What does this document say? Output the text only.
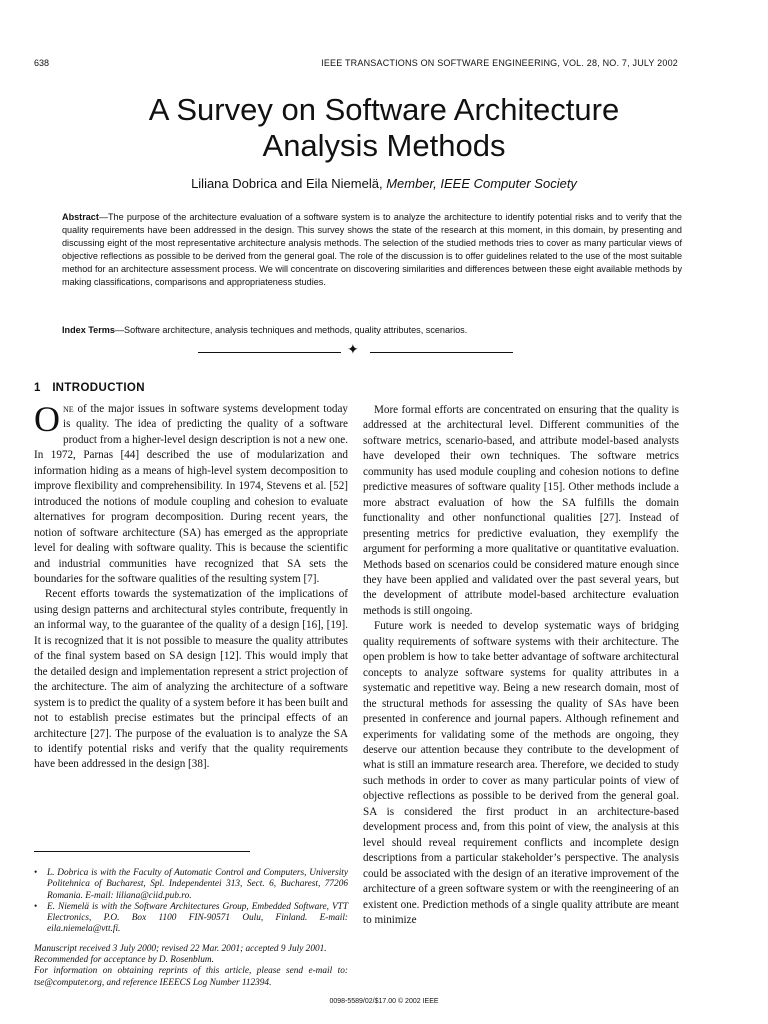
638	IEEE TRANSACTIONS ON SOFTWARE ENGINEERING, VOL. 28, NO. 7, JULY 2002
A Survey on Software Architecture
Analysis Methods
Liliana Dobrica and Eila Niemelä, Member, IEEE Computer Society
Abstract—The purpose of the architecture evaluation of a software system is to analyze the architecture to identify potential risks and to verify that the quality requirements have been addressed in the design. This survey shows the state of the research at this moment, in this domain, by presenting and discussing eight of the most representative architecture analysis methods. The selection of the studied methods tries to cover as many particular views of objective reflections as possible to be derived from the general goal. The role of the discussion is to offer guidelines related to the use of the most suitable method for an architecture assessment process. We will concentrate on discovering similarities and differences between these eight available methods by making classifications, comparisons and appropriateness studies.
Index Terms—Software architecture, analysis techniques and methods, quality attributes, scenarios.
✦
1 INTRODUCTION

One of the major issues in software systems development today is quality. The idea of predicting the quality of a software product from a higher-level design description is not a new one. In 1972, Parnas [44] described the use of modularization and information hiding as a means of high-level system decomposition to improve flexibility and comprehensibility. In 1974, Stevens et al. [52] introduced the notions of module coupling and cohesion to evaluate alternatives for program decomposition. During recent years, the notion of software architecture (SA) has emerged as the appropriate level for dealing with software quality. This is because the scientific and industrial communities have recognized that SA sets the boundaries for the software qualities of the resulting system [7].

Recent efforts towards the systematization of the implications of using design patterns and architectural styles contribute, frequently in an informal way, to the guarantee of the quality of a design [16], [19]. It is recognized that it is not possible to measure the quality attributes of the final system based on SA design [12]. This would imply that the detailed design and implementation represent a strict projection of the architecture. The aim of analyzing the architecture of a software system is to predict the quality of a system before it has been built and not to establish precise estimates but the principal effects of an architecture [27]. The purpose of the evaluation is to analyze the SA to identify potential risks and verify that the quality requirements have been addressed in the design [38].

More formal efforts are concentrated on ensuring that the quality is addressed at the architectural level. Different communities of the software metrics, scenario-based, and attribute model-based analysts have developed their own techniques. The software metrics community has used module coupling and cohesion notions to define predictive measures of software quality [15]. Other methods include a more abstract evaluation of how the SA fulfills the domain functionality and other nonfunctional qualities [27]. Instead of presenting metrics for predictive evaluation, they exemplify the argument for performing a more qualitative or quantitative evaluation. Methods based on scenarios could be considered mature enough since they have been applied and validated over the past several years, but the development of attribute model-based architecture evaluation methods is still ongoing.

Future work is needed to develop systematic ways of bridging quality requirements of software systems with their architecture. The open problem is how to take better advantage of software architectural concepts to analyze software systems for quality attributes in a systematic and repetitive way. Being a new research domain, most of the structural methods for assessing the quality of SAs have been presented in conference and journal papers. Although refinement and experiments for validating some of the methods are ongoing, they deserve our attention because they contribute to the development of what is still an immature research area. Therefore, we decided to study such methods in order to cover as many particular points of view of objective reflections as possible to be derived from the general goal. SA is considered the first product in an architecture-based development process and, from this point of view, the analysis at this level should reveal requirement conflicts and incomplete design descriptions from a particular stakeholder’s perspective. The analysis could be associated with the design of an iterative improvement of the architecture of a green software system or with the reengineering of an existent one. Prediction methods of a single quality attribute are meant to minimize

• L. Dobrica is with the Faculty of Automatic Control and Computers, University Politehnica of Bucharest, Spl. Independentei 313, Sect. 6, Bucharest, 77206 Romania. E-mail: liliana@ciid.pub.ro.

• E. Niemelä is with the Software Architectures Group, Embedded Software, VTT Electronics, P.O. Box 1100 FIN-90571 Oulu, Finland. E-mail: eila.niemela@vtt.fi.

Manuscript received 3 July 2000; revised 22 Mar. 2001; accepted 9 July 2001.
Recommended for acceptance by D. Rosenblum.
For information on obtaining reprints of this article, please send e-mail to: tse@computer.org, and reference IEEECS Log Number 112394.

0098-5589/02/$17.00 © 2002 IEEE
